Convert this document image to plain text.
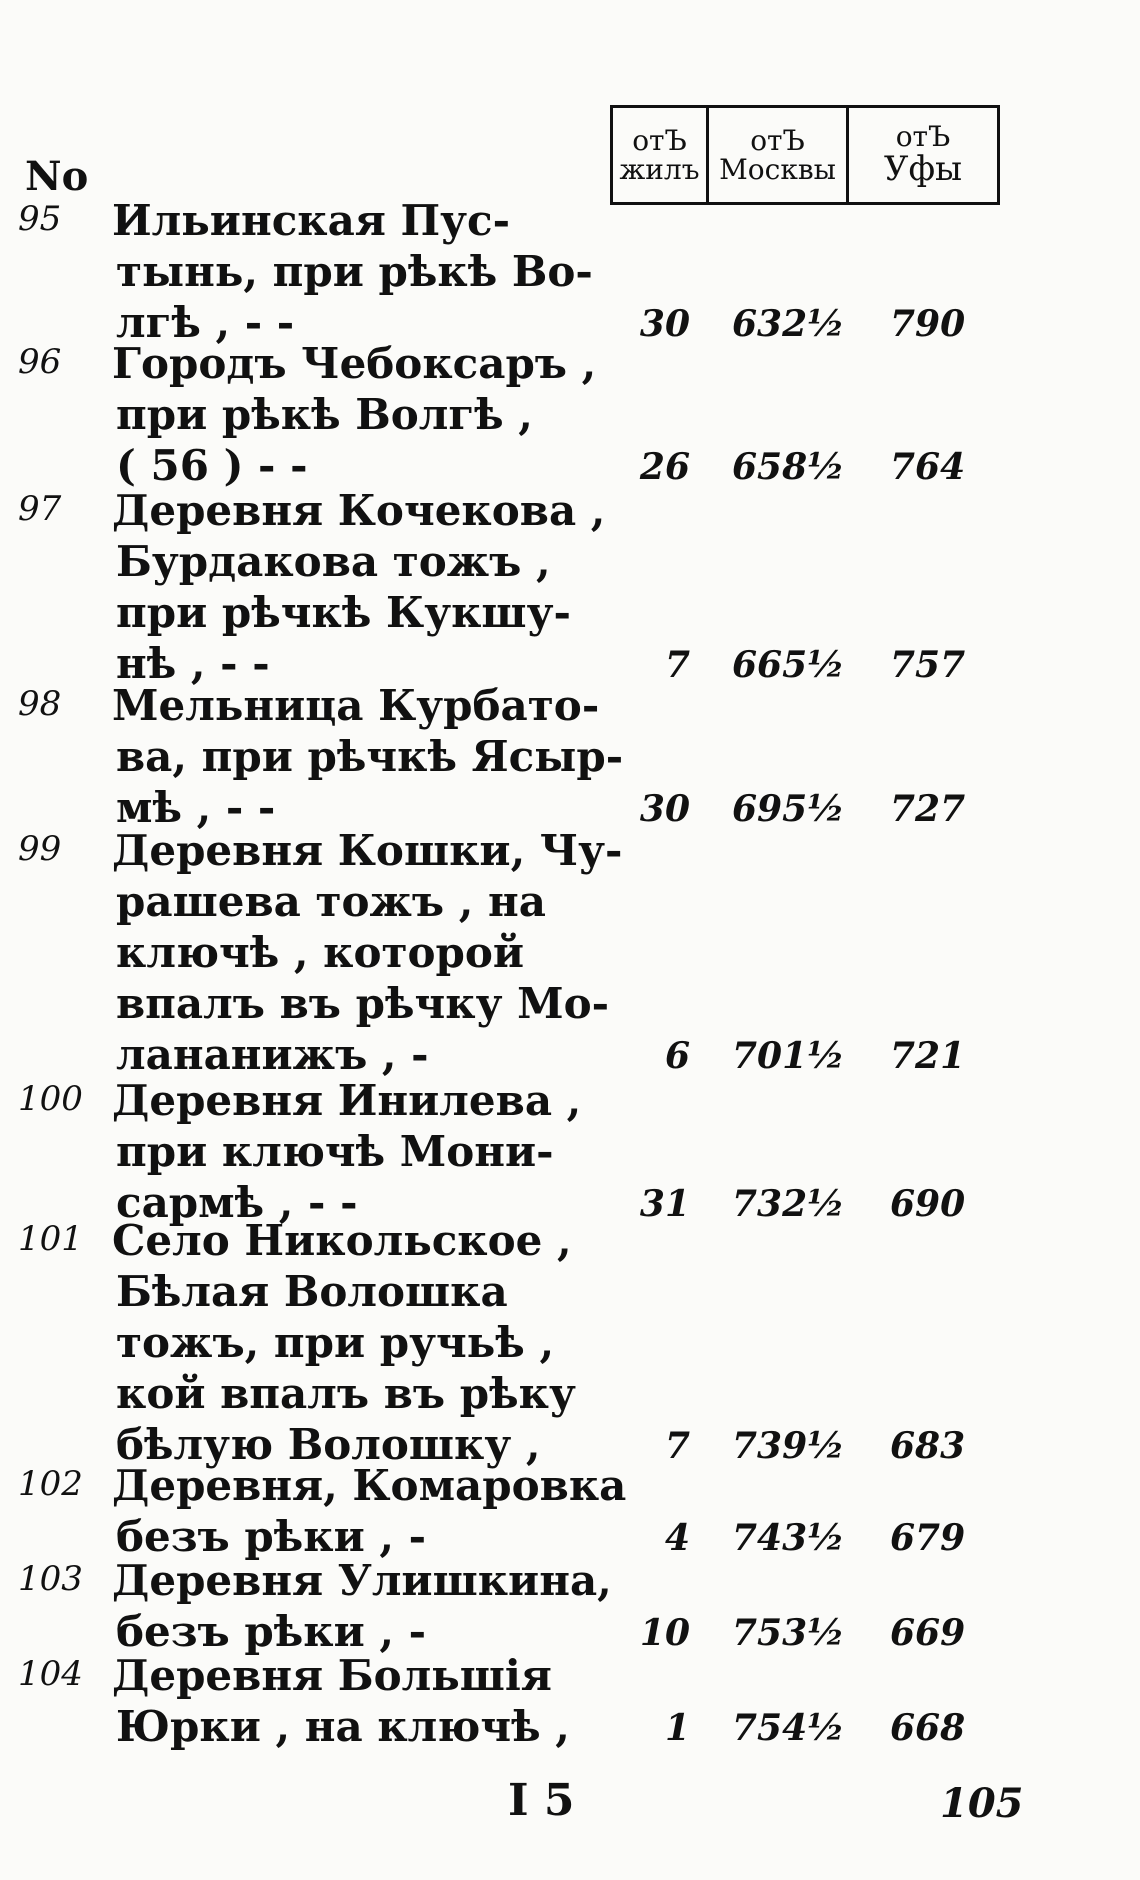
отЪ
жилъ
отЪ
Москвы
отЪ
Уфы
No
95	Ильинская Пус-
тынь, при рѣкѣ Во-
лгѣ , - -	30 632½ 790
96	Городъ Чебоксаръ ,
при рѣкѣ Волгѣ ,
( 56 ) - -	26 658½ 764
97	Деревня Кочекова ,
Бурдакова тожъ ,
при рѣчкѣ Кукшу-
нѣ , - -	7 665½ 757
98	Мельница Курбато-
ва, при рѣчкѣ Ясыр-
мѣ , - -	30 695½ 727
99	Деревня Кошки, Чу-
рашева тожъ , на
ключѣ , которой
впалъ въ рѣчку Мо-
лананижъ , -	6 701½ 721
100 Деревня Инилева ,
при ключѣ Мони-
сармѣ , - -	31 732½ 690
101 Село Никольское ,
Бѣлая Волошка
тожъ, при ручьѣ ,
кой впалъ въ рѣку
бѣлую Волошку ,	7 739½ 683
102 Деревня, Комаровка
безъ рѣки , -	4 743½ 679
103 Деревня Улишкина,
безъ рѣки , -	10 753½ 669
104 Деревня Большія
Юрки , на ключѣ ,	1 754½ 668
I 5	105
